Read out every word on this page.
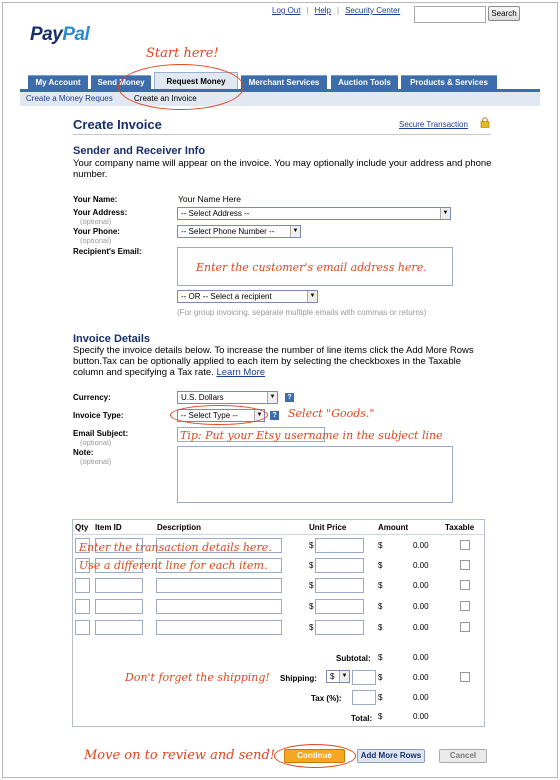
Log Out | Help | Security Center	Search
PayPal
My Account	Send Money	Request Money	Merchant Services	Auction Tools	Products & Services
Create a Money Reques	Create an Invoice
Start here!
Create Invoice	Secure Transaction
Sender and Receiver Info
Your company name will appear on the invoice. You may optionally include your address and phone number.
Your Name:	Your Name Here
Your Address:
(optional)
-- Select Address --	▼
Your Phone:
(optional)
-- Select Phone Number --	▼
Recipient's Email:
Enter the customer's email address here.
-- OR -- Select a recipient	▼
(For group invoicing, separate multiple emails with commas or returns)
Invoice Details
Specify the invoice details below. To increase the number of line items click the Add More Rows button.Tax can be optionally applied to each item by selecting the checkboxes in the Taxable column and specifying a Tax rate. Learn More
Currency:	U.S. Dollars	▼	?
Invoice Type:	-- Select Type --	▼	? Select "Goods."
Email Subject:
(optional)
Tip: Put your Etsy username in the subject line
Note:
(optional)
Qty Item ID	Description	Unit Price	Amount	Taxable
$	$	0.00
$	$	0.00
$	$	0.00
$	$	0.00
$	$	0.00
Enter the transaction details here.
Use a different line for each item.
Subtotal: $	0.00
Don't forget the shipping! Shipping:	$	▼	$	0.00
Tax (%):	$	0.00
Total: $	0.00
Move on to review and send!	Continue	Add More Rows	Cancel
